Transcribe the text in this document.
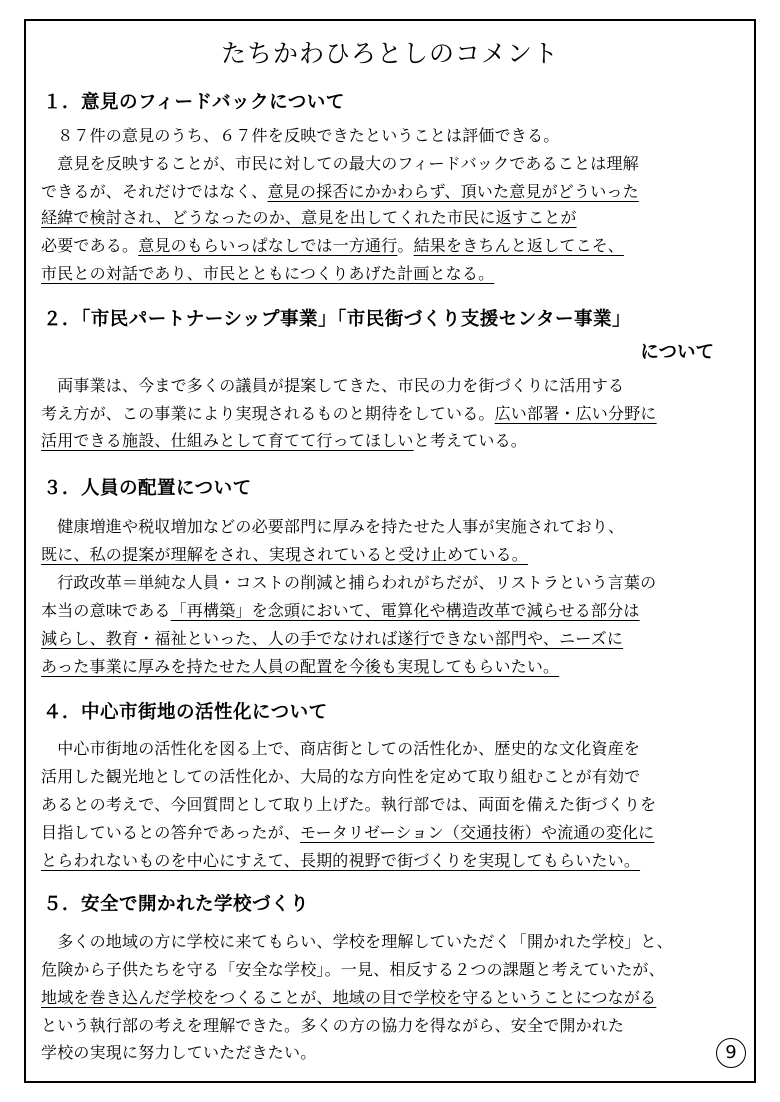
たちかわひろとしのコメント
１．意見のフィードバックについて
　８７件の意見のうち、６７件を反映できたということは評価できる。
　意見を反映することが、市民に対しての最大のフィードバックであることは理解
できるが、それだけではなく、意見の採否にかかわらず、頂いた意見がどういった
経緯で検討され、どうなったのか、意見を出してくれた市民に返すことが
必要である。意見のもらいっぱなしでは一方通行。結果をきちんと返してこそ、
市民との対話であり、市民とともにつくりあげた計画となる。
２．「市民パートナーシップ事業」「市民街づくり支援センター事業」
について
　両事業は、今まで多くの議員が提案してきた、市民の力を街づくりに活用する
考え方が、この事業により実現されるものと期待をしている。広い部署・広い分野に
活用できる施設、仕組みとして育てて行ってほしいと考えている。
３．人員の配置について
　健康増進や税収増加などの必要部門に厚みを持たせた人事が実施されており、
既に、私の提案が理解をされ、実現されていると受け止めている。
　行政改革＝単純な人員・コストの削減と捕らわれがちだが、リストラという言葉の
本当の意味である「再構築」を念頭において、電算化や構造改革で減らせる部分は
減らし、教育・福祉といった、人の手でなければ遂行できない部門や、ニーズに
あった事業に厚みを持たせた人員の配置を今後も実現してもらいたい。
４．中心市街地の活性化について
　中心市街地の活性化を図る上で、商店街としての活性化か、歴史的な文化資産を
活用した観光地としての活性化か、大局的な方向性を定めて取り組むことが有効で
あるとの考えで、今回質問として取り上げた。執行部では、両面を備えた街づくりを
目指しているとの答弁であったが、モータリゼーション（交通技術）や流通の変化に
とらわれないものを中心にすえて、長期的視野で街づくりを実現してもらいたい。
５．安全で開かれた学校づくり
　多くの地域の方に学校に来てもらい、学校を理解していただく「開かれた学校」と、
危険から子供たちを守る「安全な学校」。一見、相反する２つの課題と考えていたが、
地域を巻き込んだ学校をつくることが、地域の目で学校を守るということにつながる
という執行部の考えを理解できた。多くの方の協力を得ながら、安全で開かれた
学校の実現に努力していただきたい。	9
